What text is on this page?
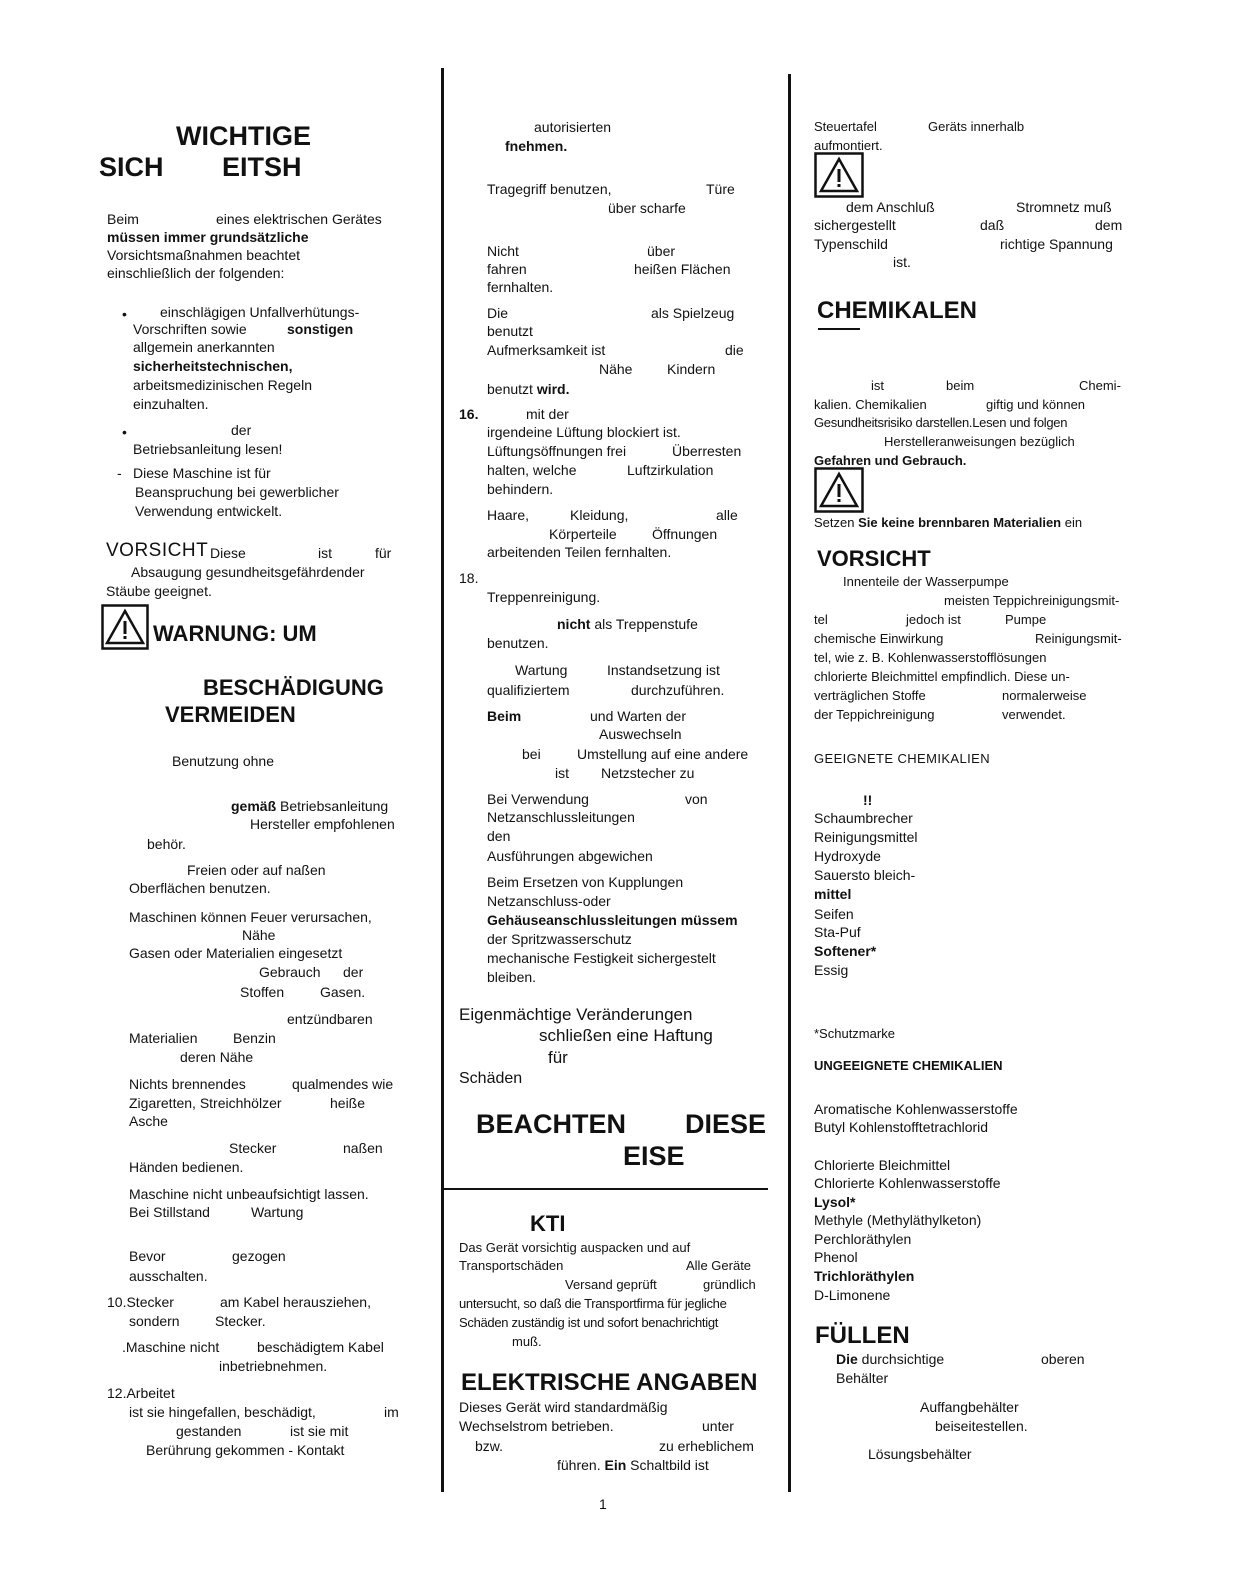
WICHTIGE
SICH EITSH
Beim	eines elektrischen Gerätes
müssen immer grundsätzliche
Vorsichtsmaßnahmen beachtet
einschließlich der folgenden:
• einschlägigen Unfallverhütungs-
Vorschriften sowie	sonstigen
allgemein anerkannten
sicherheitstechnischen,
arbeitsmedizinischen Regeln
einzuhalten.
•	der
Betriebsanleitung lesen!
- Diese Maschine ist für
Beanspruchung bei gewerblicher
Verwendung entwickelt.
VORSICHT Diese	ist	für
Absaugung gesundheitsgefährdender
Stäube geeignet.
WARNUNG: UM
BESCHÄDIGUNG
VERMEIDEN
Benutzung ohne
gemäß Betriebsanleitung
Hersteller empfohlenen
behör.
Freien oder auf naßen
Oberflächen benutzen.
Maschinen können Feuer verursachen,
Nähe
Gasen oder Materialien eingesetzt
Gebrauch der
Stoffen	Gasen.
entzündbaren
Materialien	Benzin
deren Nähe
Nichts brennendes	qualmendes wie
Zigaretten, Streichhölzer	heiße
Asche
Stecker	naßen
Händen bedienen.
Maschine nicht unbeaufsichtigt lassen.
Bei Stillstand	Wartung
Bevor	gezogen
ausschalten.
10.Stecker	am Kabel herausziehen,
sondern	Stecker.
.Maschine nicht	beschädigtem Kabel
inbetriebnehmen.
12.Arbeitet
ist sie hingefallen, beschädigt,	im
gestanden	ist sie mit
Berührung gekommen - Kontakt
autorisierten
fnehmen.
Tragegriff benutzen,	Türe
über scharfe
Nicht	über
fahren	heißen Flächen
fernhalten.
Die	als Spielzeug
benutzt
Aufmerksamkeit ist	die
Nähe Kindern
benutzt wird.
16.	mit der
irgendeine Lüftung blockiert ist.
Lüftungsöffnungen frei	Überresten
halten, welche	Luftzirkulation
behindern.
Haare,	Kleidung,	alle
Körperteile	Öffnungen
arbeitenden Teilen fernhalten.
18.
Treppenreinigung.
nicht als Treppenstufe
benutzen.
Wartung	Instandsetzung ist
qualifiziertem	durchzuführen.
Beim	und Warten der
Auswechseln
bei	Umstellung auf eine andere
ist Netzstecher zu
Bei Verwendung	von
Netzanschlussleitungen
den
Ausführungen abgewichen
Beim Ersetzen von Kupplungen
Netzanschluss-oder
Gehäuseanschlussleitungen müssem
der Spritzwasserschutz
mechanische Festigkeit sichergestelt
bleiben.
Eigenmächtige Veränderungen
schließen eine Haftung
für
Schäden
BEACHTEN DIESE
EISE
KTI
Das Gerät vorsichtig auspacken und auf
Transportschäden	Alle Geräte
Versand geprüft	gründlich
untersucht, so daß die Transportfirma für jegliche
Schäden zuständig ist und sofort benachrichtigt
muß.
ELEKTRISCHE ANGABEN
Dieses Gerät wird standardmäßig
Wechselstrom betrieben.	unter
bzw.	zu erheblichem
führen. Ein Schaltbild ist
1
Steuertafel	Geräts innerhalb
aufmontiert.
dem Anschluß	Stromnetz muß
sichergestellt	daß	dem
Typenschild	richtige Spannung
ist.
CHEMIKALEN
ist	beim	Chemi-
kalien. Chemikalien	giftig und können
Gesundheitsrisiko darstellen.Lesen und folgen
Herstelleranweisungen bezüglich
Gefahren und Gebrauch.
Setzen Sie keine brennbaren Materialien ein
VORSICHT
Innenteile der Wasserpumpe
meisten Teppichreinigungsmit-
tel	jedoch ist	Pumpe
chemische Einwirkung	Reinigungsmit-
tel, wie z. B. Kohlenwasserstofflösungen
chlorierte Bleichmittel empfindlich. Diese un-
verträglichen Stoffe	normalerweise
der Teppichreinigung	verwendet.
GEEIGNETE CHEMIKALIEN
!!
Schaumbrecher
Reinigungsmittel
Hydroxyde
Sauersto bleich-
mittel
Seifen
Sta-Puf
Softener*
Essig
*Schutzmarke
UNGEEIGNETE CHEMIKALIEN
Aromatische Kohlenwasserstoffe
Butyl Kohlenstofftetrachlorid
Chlorierte Bleichmittel
Chlorierte Kohlenwasserstoffe
Lysol*
Methyle (Methyläthylketon)
Perchloräthylen
Phenol
Trichloräthylen
D-Limonene
FÜLLEN
Die durchsichtige	oberen
Behälter
Auffangbehälter
beiseitestellen.
Lösungsbehälter
